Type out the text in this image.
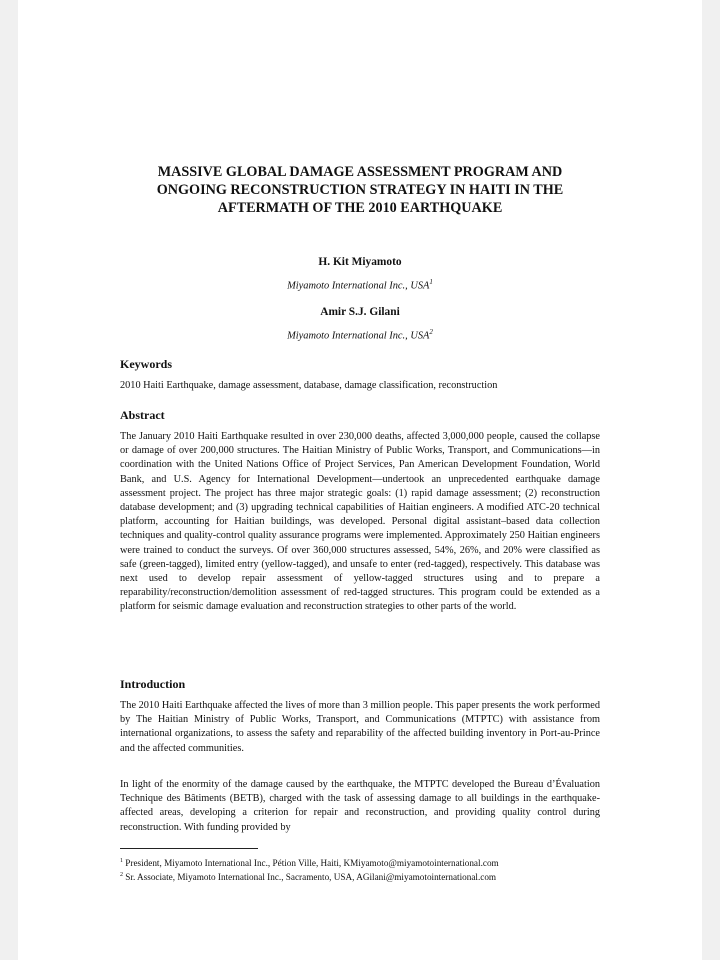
MASSIVE GLOBAL DAMAGE ASSESSMENT PROGRAM AND
ONGOING RECONSTRUCTION STRATEGY IN HAITI IN THE
AFTERMATH OF THE 2010 EARTHQUAKE

H. Kit Miyamoto

Miyamoto International Inc., USA$^1$

Amir S.J. Gilani

Miyamoto International Inc., USA$^2$

Keywords

2010 Haiti Earthquake, damage assessment, database, damage classification, reconstruction

Abstract

The January 2010 Haiti Earthquake resulted in over 230,000 deaths, affected 3,000,000 people, caused the collapse or damage of over 200,000 structures. The Haitian Ministry of Public Works, Transport, and Communications—in coordination with the United Nations Office of Project Services, Pan American Development Foundation, World Bank, and U.S. Agency for International Development—undertook an unprecedented earthquake damage assessment project. The project has three major strategic goals: (1) rapid damage assessment; (2) reconstruction database development; and (3) upgrading technical capabilities of Haitian engineers. A modified ATC-20 technical platform, accounting for Haitian buildings, was developed. Personal digital assistant–based data collection techniques and quality-control quality assurance programs were implemented. Approximately 250 Haitian engineers were trained to conduct the surveys. Of over 360,000 structures assessed, 54%, 26%, and 20% were classified as safe (green-tagged), limited entry (yellow-tagged), and unsafe to enter (red-tagged), respectively. This database was next used to develop repair assessment of yellow-tagged structures using and to prepare a reparability/reconstruction/demolition assessment of red-tagged structures. This program could be extended as a platform for seismic damage evaluation and reconstruction strategies to other parts of the world.

Introduction

The 2010 Haiti Earthquake affected the lives of more than 3 million people. This paper presents the work performed by The Haitian Ministry of Public Works, Transport, and Communications (MTPTC) with assistance from international organizations, to assess the safety and reparability of the affected building inventory in Port-au-Prince and the affected communities.

In light of the enormity of the damage caused by the earthquake, the MTPTC developed the Bureau d’Évaluation Technique des Bâtiments (BETB), charged with the task of assessing damage to all buildings in the earthquake-affected areas, developing a criterion for repair and reconstruction, and providing quality control during reconstruction. With funding provided by

$^1$ President, Miyamoto International Inc., Pétion Ville, Haiti, KMiyamoto@miyamotointernational.com

$^2$ Sr. Associate, Miyamoto International Inc., Sacramento, USA, AGilani@miyamotointernational.com
